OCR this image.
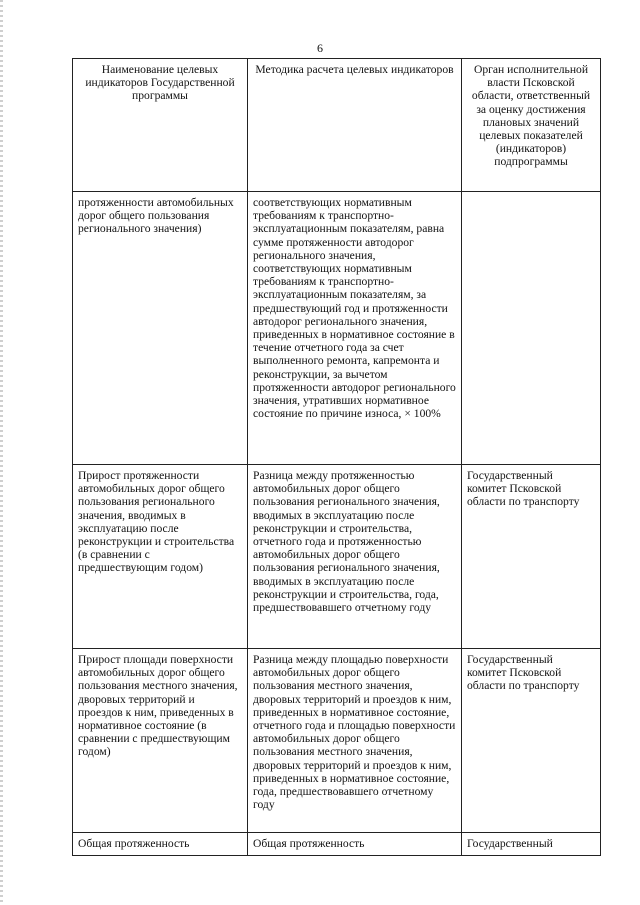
6
Наименование целевых индикаторов Государственной программы	Методика расчета целевых индикаторов	Орган исполнительной власти Псковской области, ответственный за оценку достижения плановых значений целевых показателей (индикаторов) подпрограммы
протяженности автомобильных дорог общего пользования регионального значения)	соответствующих нормативным требованиям к транспортно-эксплуатационным показателям, равна сумме протяженности автодорог регионального значения, соответствующих нормативным требованиям к транспортно-эксплуатационным показателям, за предшествующий год и протяженности автодорог регионального значения, приведенных в нормативное состояние в течение отчетного года за счет выполненного ремонта, капремонта и реконструкции, за вычетом протяженности автодорог регионального значения, утративших нормативное состояние по причине износа, × 100%	
Прирост протяженности автомобильных дорог общего пользования регионального значения, вводимых в эксплуатацию после реконструкции и строительства (в сравнении с предшествующим годом)	Разница между протяженностью автомобильных дорог общего пользования регионального значения, вводимых в эксплуатацию после реконструкции и строительства, отчетного года и протяженностью автомобильных дорог общего пользования регионального значения, вводимых в эксплуатацию после реконструкции и строительства, года, предшествовавшего отчетному году	Государственный комитет Псковской области по транспорту
Прирост площади поверхности автомобильных дорог общего пользования местного значения, дворовых территорий и проездов к ним, приведенных в нормативное состояние (в сравнении с предшествующим годом)	Разница между площадью поверхности автомобильных дорог общего пользования местного значения, дворовых территорий и проездов к ним, приведенных в нормативное состояние, отчетного года и площадью поверхности автомобильных дорог общего пользования местного значения, дворовых территорий и проездов к ним, приведенных в нормативное состояние, года, предшествовавшего отчетному году	Государственный комитет Псковской области по транспорту
Общая протяженность	Общая протяженность	Государственный
